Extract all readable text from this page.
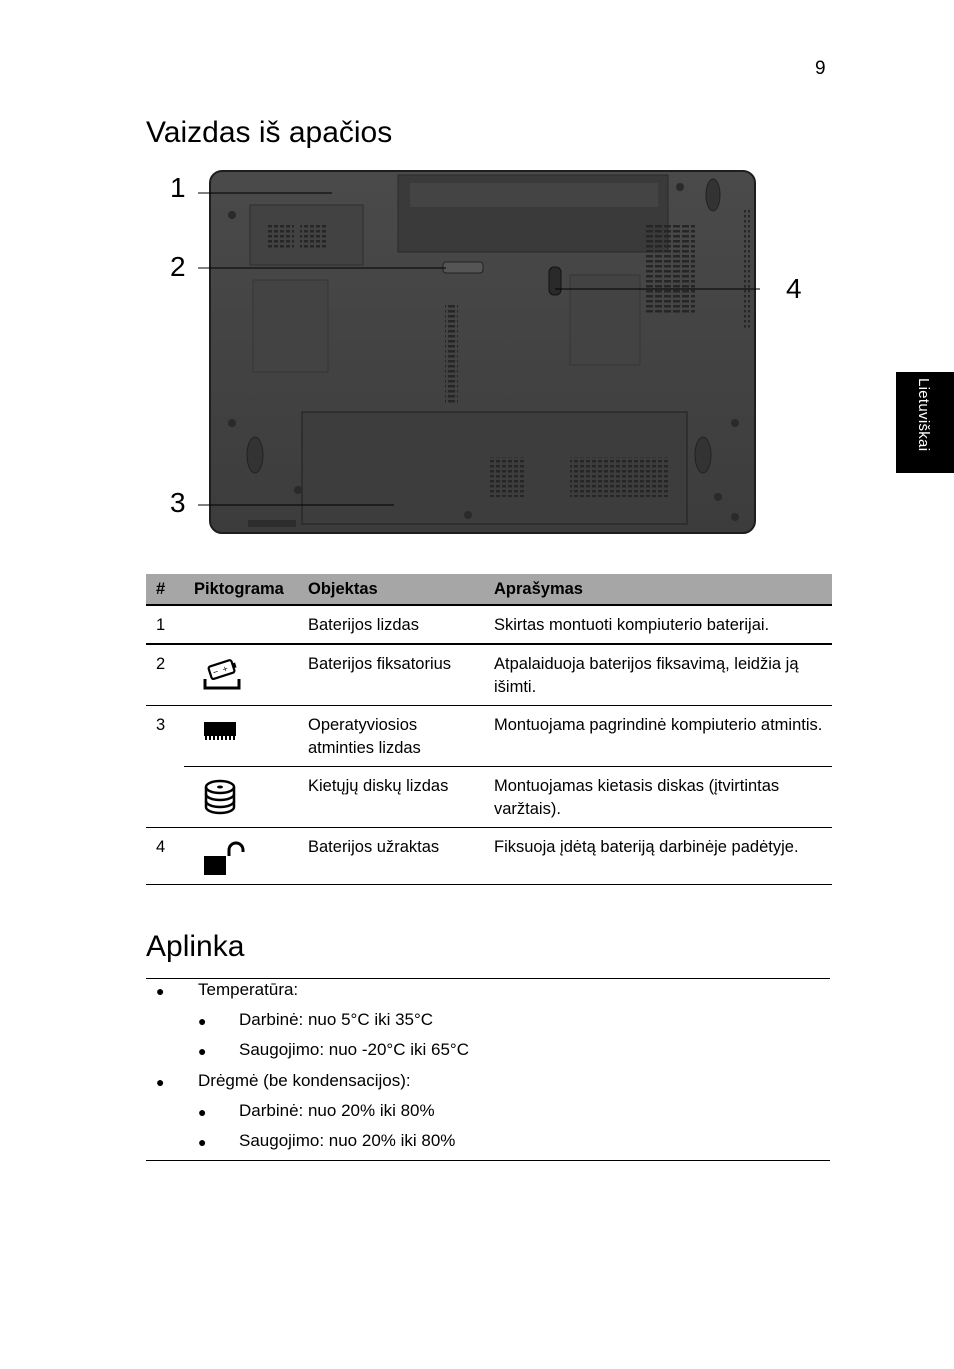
9
Vaizdas iš apačios
Lietuviškai
1
2
3
4
#	Piktograma	Objektas	Aprašymas
1		Baterijos lizdas	Skirtas montuoti kompiuterio baterijai.
2	− +	Baterijos fiksatorius	Atpalaiduoja baterijos fiksavimą, leidžia ją išimti.
3		Operatyviosios atminties lizdas	Montuojama pagrindinė kompiuterio atmintis.

	Kietųjų diskų lizdas	Montuojamas kietasis diskas (įtvirtintas varžtais).
4		Baterijos užraktas	Fiksuoja įdėtą bateriją darbinėje padėtyje.
Aplinka
● Temperatūra:
● Darbinė: nuo 5°C iki 35°C
● Saugojimo: nuo -20°C iki 65°C
● Drėgmė (be kondensacijos):
● Darbinė: nuo 20% iki 80%
● Saugojimo: nuo 20% iki 80%
